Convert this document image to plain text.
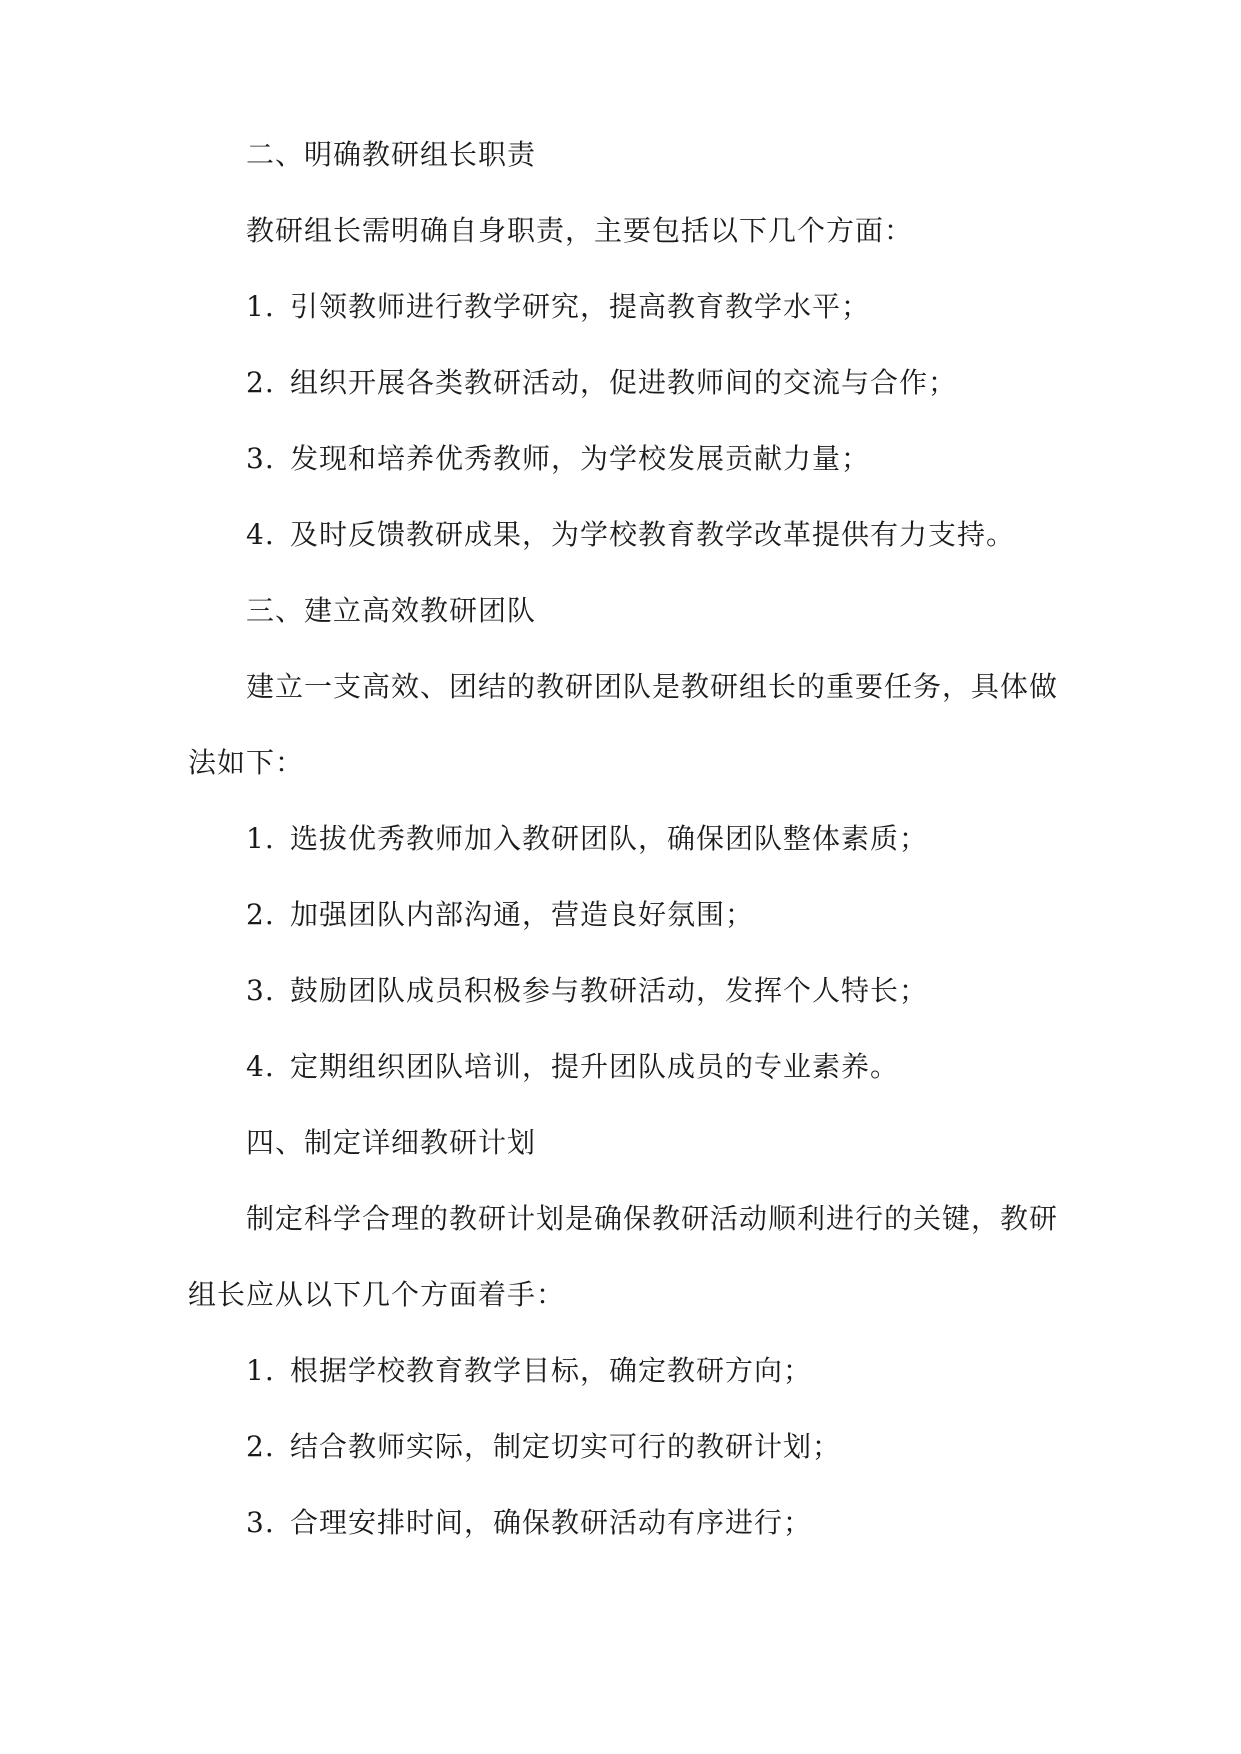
二、明确教研组长职责

教研组长需明确自身职责，主要包括以下几个方面：

1. 引领教师进行教学研究，提高教育教学水平；

2. 组织开展各类教研活动，促进教师间的交流与合作；

3. 发现和培养优秀教师，为学校发展贡献力量；

4. 及时反馈教研成果，为学校教育教学改革提供有力支持。

三、建立高效教研团队

建立一支高效、团结的教研团队是教研组长的重要任务，具体做

法如下：

1. 选拔优秀教师加入教研团队，确保团队整体素质；

2. 加强团队内部沟通，营造良好氛围；

3. 鼓励团队成员积极参与教研活动，发挥个人特长；

4. 定期组织团队培训，提升团队成员的专业素养。

四、制定详细教研计划

制定科学合理的教研计划是确保教研活动顺利进行的关键，教研

组长应从以下几个方面着手：

1. 根据学校教育教学目标，确定教研方向；

2. 结合教师实际，制定切实可行的教研计划；

3. 合理安排时间，确保教研活动有序进行；
